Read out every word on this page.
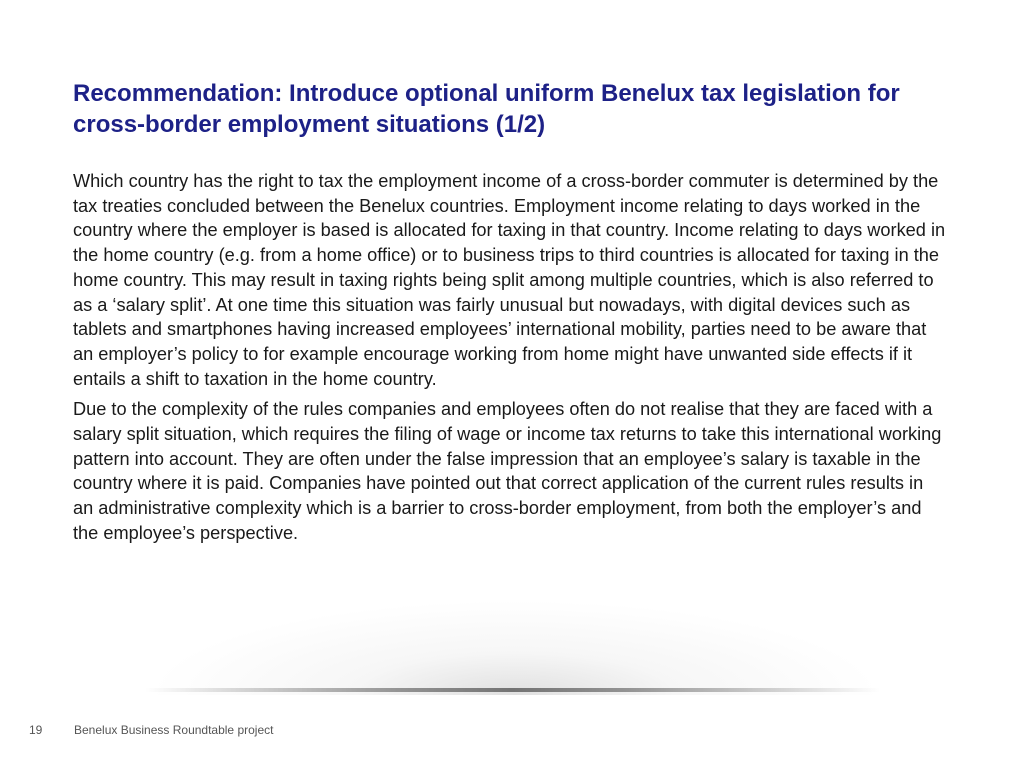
Recommendation: Introduce optional uniform Benelux tax legislation for cross-border employment situations (1/2)

Which country has the right to tax the employment income of a cross-border commuter is determined by the tax treaties concluded between the Benelux countries. Employment income relating to days worked in the country where the employer is based is allocated for taxing in that country. Income relating to days worked in the home country (e.g. from a home office) or to business trips to third countries is allocated for taxing in the home country. This may result in taxing rights being split among multiple countries, which is also referred to as a ‘salary split’. At one time this situation was fairly unusual but nowadays, with digital devices such as tablets and smartphones having increased employees’ international mobility, parties need to be aware that an employer’s policy to for example encourage working from home might have unwanted side effects if it entails a shift to taxation in the home country.

Due to the complexity of the rules companies and employees often do not realise that they are faced with a salary split situation, which requires the filing of wage or income tax returns to take this international working pattern into account. They are often under the false impression that an employee’s salary is taxable in the country where it is paid. Companies have pointed out that correct application of the current rules results in an administrative complexity which is a barrier to cross-border employment, from both the employer’s and the employee’s perspective.

19	Benelux Business Roundtable project
